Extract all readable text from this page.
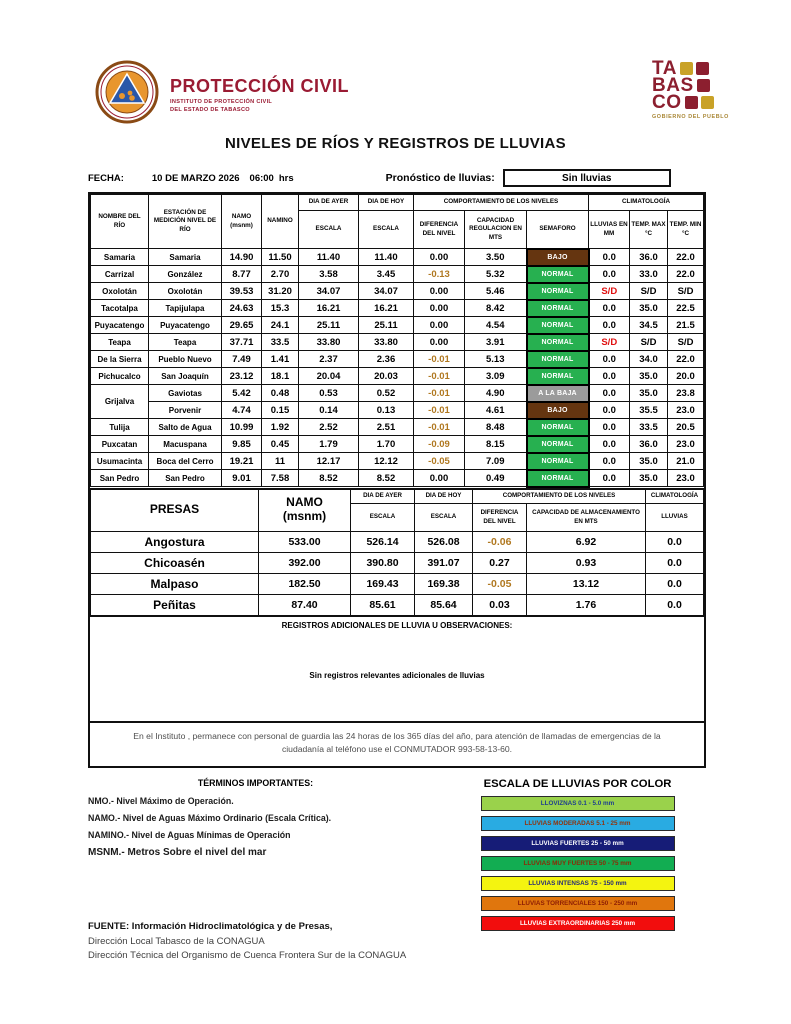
PROTECCIÓN CIVIL
INSTITUTO DE PROTECCIÓN CIVIL
DEL ESTADO DE TABASCO
TA
BAS
CO
GOBIERNO DEL PUEBLO
NIVELES DE RÍOS Y REGISTROS DE LLUVIAS
FECHA:	10 DE MARZO 2026 06:00 hrs	Pronóstico de lluvias:	Sin lluvias
NOMBRE DEL RÍO	ESTACIÓN DE MEDICIÓN NIVEL DE RÍO	NAMO
(msnm)	NAMINO	DIA DE AYER	DIA DE HOY	COMPORTAMIENTO DE LOS NIVELES			CLIMATOLOGÍA		
				ESCALA	ESCALA	DIFERENCIA DEL NIVEL	CAPACIDAD REGULACION EN MTS	SEMAFORO	LLUVIAS EN MM	TEMP. MAX °C	TEMP. MIN °C
Samaria	Samaria	14.90	11.50	11.40	11.40	0.00	3.50	BAJO	0.0	36.0	22.0
Carrizal	González	8.77	2.70	3.58	3.45	-0.13	5.32	NORMAL	0.0	33.0	22.0
Oxolotán	Oxolotán	39.53	31.20	34.07	34.07	0.00	5.46	NORMAL	S/D	S/D	S/D
Tacotalpa	Tapijulapa	24.63	15.3	16.21	16.21	0.00	8.42	NORMAL	0.0	35.0	22.5
Puyacatengo	Puyacatengo	29.65	24.1	25.11	25.11	0.00	4.54	NORMAL	0.0	34.5	21.5
Teapa	Teapa	37.71	33.5	33.80	33.80	0.00	3.91	NORMAL	S/D	S/D	S/D
De la Sierra	Pueblo Nuevo	7.49	1.41	2.37	2.36	-0.01	5.13	NORMAL	0.0	34.0	22.0
Pichucalco	San Joaquín	23.12	18.1	20.04	20.03	-0.01	3.09	NORMAL	0.0	35.0	20.0
Grijalva	Gaviotas	5.42	0.48	0.53	0.52	-0.01	4.90	A LA BAJA	0.0	35.0	23.8
	Porvenir	4.74	0.15	0.14	0.13	-0.01	4.61	BAJO	0.0	35.5	23.0
Tulija	Salto de Agua	10.99	1.92	2.52	2.51	-0.01	8.48	NORMAL	0.0	33.5	20.5
Puxcatan	Macuspana	9.85	0.45	1.79	1.70	-0.09	8.15	NORMAL	0.0	36.0	23.0
Usumacinta	Boca del Cerro	19.21	11	12.17	12.12	-0.05	7.09	NORMAL	0.0	35.0	21.0
San Pedro	San Pedro	9.01	7.58	8.52	8.52	0.00	0.49	NORMAL	0.0	35.0	23.0
PRESAS	NAMO
(msnm)	DIA DE AYER	DIA DE HOY	COMPORTAMIENTO DE LOS NIVELES		CLIMATOLOGÍA
		ESCALA	ESCALA	DIFERENCIA DEL NIVEL	CAPACIDAD DE ALMACENAMIENTO EN MTS	LLUVIAS
Angostura	533.00	526.14	526.08	-0.06	6.92	0.0
Chicoasén	392.00	390.80	391.07	0.27	0.93	0.0
Malpaso	182.50	169.43	169.38	-0.05	13.12	0.0
Peñitas	87.40	85.61	85.64	0.03	1.76	0.0
REGISTROS ADICIONALES DE LLUVIA U OBSERVACIONES:
Sin registros relevantes adicionales de lluvias
En el Instituto , permanece con personal de guardia las 24 horas de los 365 días del año, para atención de llamadas de emergencias de la ciudadanía al teléfono use el CONMUTADOR 993-58-13-60.
TÉRMINOS IMPORTANTES:
NMO.- Nivel Máximo de Operación.
NAMO.- Nivel de Aguas Máximo Ordinario (Escala Crítica).
NAMINO.- Nivel de Aguas Mínimas de Operación
MSNM.- Metros Sobre el nivel del mar
ESCALA DE LLUVIAS POR COLOR
LLOVIZNAS 0.1 - 5.0 mm
LLUVIAS MODERADAS 5.1 - 25 mm
LLUVIAS FUERTES 25 - 50 mm
LLUVIAS MUY FUERTES 50 - 75 mm
LLUVIAS INTENSAS 75 - 150 mm
LLUVIAS TORRENCIALES 150 - 250 mm
LLUVIAS EXTRAORDINARIAS 250 mm
FUENTE: Información Hidroclimatológica y de Presas,
Dirección Local Tabasco de la CONAGUA
Dirección Técnica del Organismo de Cuenca Frontera Sur de la CONAGUA
